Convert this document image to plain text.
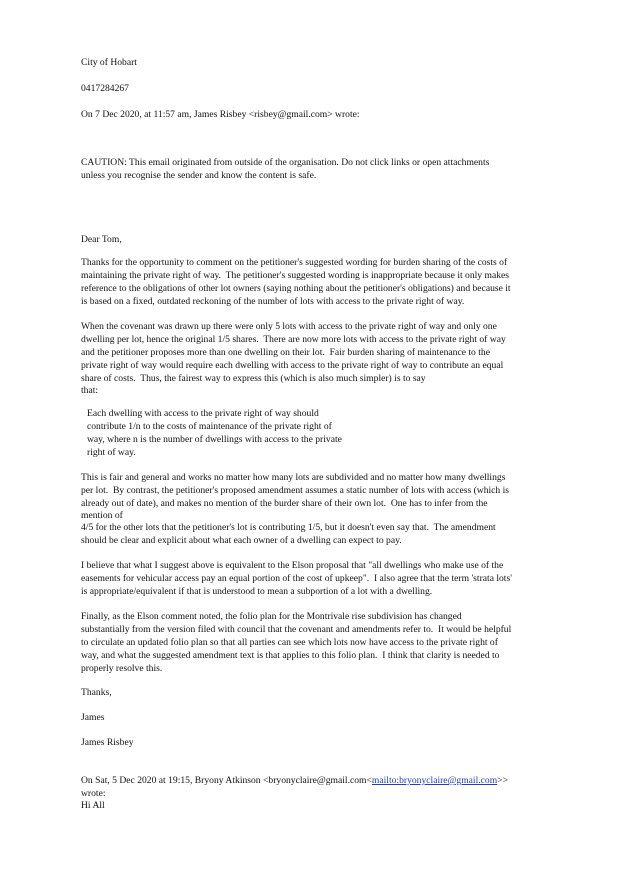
City of Hobart
0417284267
On 7 Dec 2020, at 11:57 am, James Risbey <risbey@gmail.com> wrote:
CAUTION: This email originated from outside of the organisation. Do not click links or open attachments
unless you recognise the sender and know the content is safe.
Dear Tom,
Thanks for the opportunity to comment on the petitioner's suggested wording for burden sharing of the costs of
maintaining the private right of way.  The petitioner's suggested wording is inappropriate because it only makes
reference to the obligations of other lot owners (saying nothing about the petitioner's obligations) and because it
is based on a fixed, outdated reckoning of the number of lots with access to the private right of way.
When the covenant was drawn up there were only 5 lots with access to the private right of way and only one
dwelling per lot, hence the original 1/5 shares.  There are now more lots with access to the private right of way
and the petitioner proposes more than one dwelling on their lot.  Fair burden sharing of maintenance to the
private right of way would require each dwelling with access to the private right of way to contribute an equal
share of costs.  Thus, the fairest way to express this (which is also much simpler) is to say
that:
Each dwelling with access to the private right of way should
contribute 1/n to the costs of maintenance of the private right of
way, where n is the number of dwellings with access to the private
right of way.
This is fair and general and works no matter how many lots are subdivided and no matter how many dwellings
per lot.  By contrast, the petitioner's proposed amendment assumes a static number of lots with access (which is
already out of date), and makes no mention of the burder share of their own lot.  One has to infer from the
mention of
4/5 for the other lots that the petitioner's lot is contributing 1/5, but it doesn't even say that.  The amendment
should be clear and explicit about what each owner of a dwelling can expect to pay.
I believe that what I suggest above is equivalent to the Elson proposal that "all dwellings who make use of the
easements for vehicular access pay an equal portion of the cost of upkeep".  I also agree that the term 'strata lots'
is appropriate/equivalent if that is understood to mean a subportion of a lot with a dwelling.
Finally, as the Elson comment noted, the folio plan for the Montrivale rise subdivision has changed
substantially from the version filed with council that the covenant and amendments refer to.  It would be helpful
to circulate an updated folio plan so that all parties can see which lots now have access to the private right of
way, and what the suggested amendment text is that applies to this folio plan.  I think that clarity is needed to
properly resolve this.
Thanks,
James
James Risbey
On Sat, 5 Dec 2020 at 19:15, Bryony Atkinson <bryonyclaire@gmail.com<mailto:bryonyclaire@gmail.com>>
wrote:
Hi All
